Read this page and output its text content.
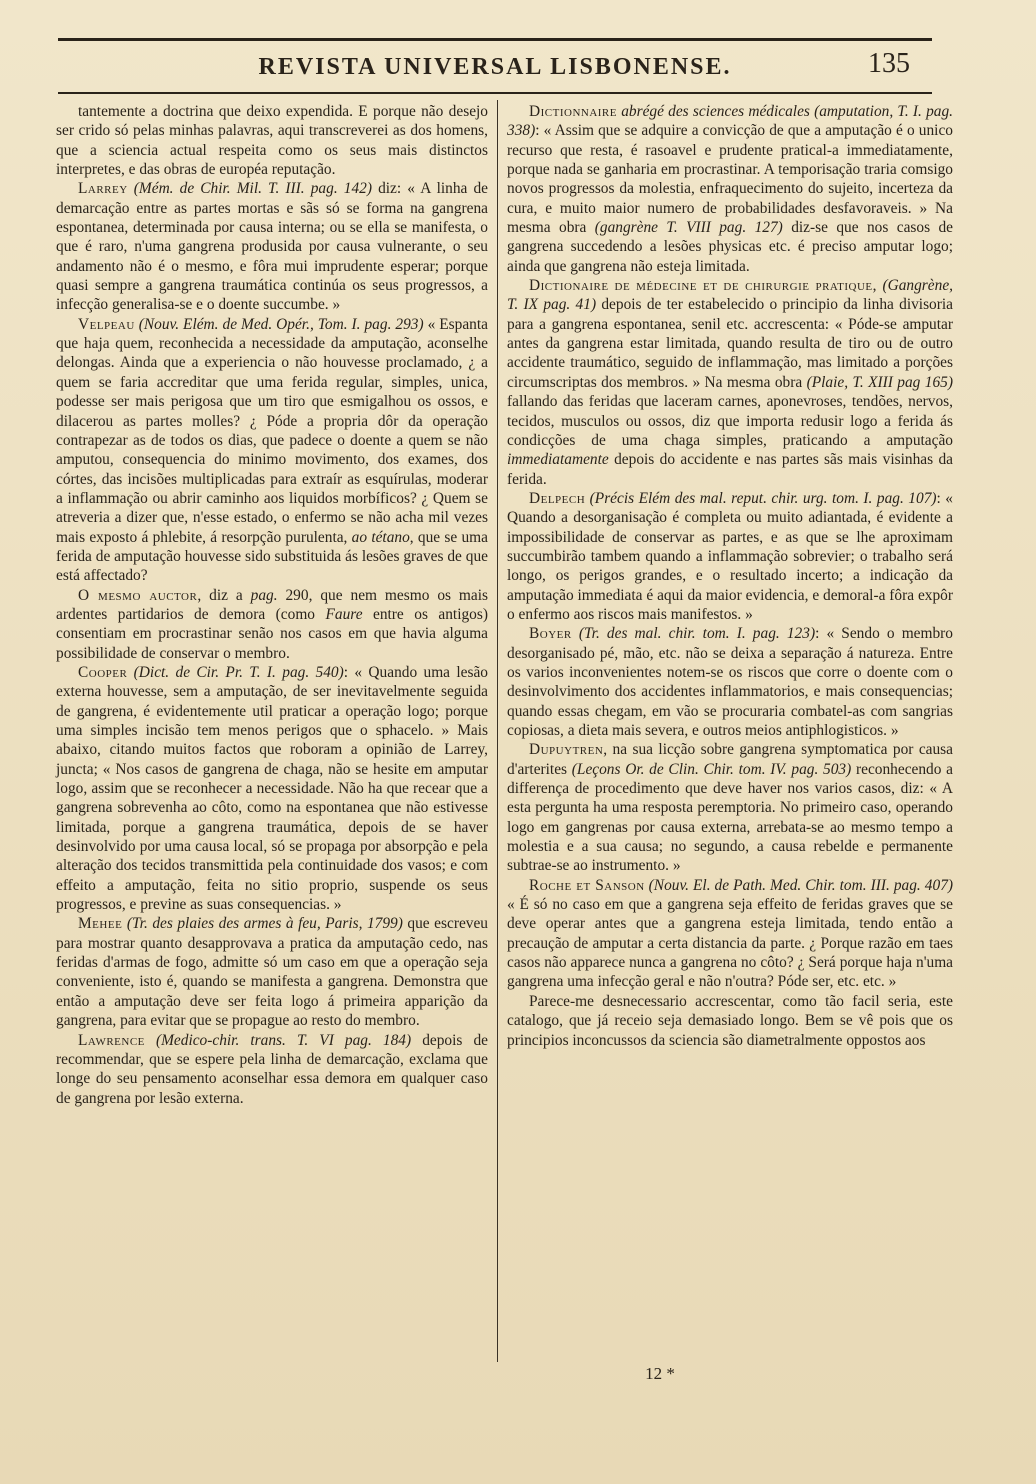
REVISTA UNIVERSAL LISBONENSE.	135

tantemente a doctrina que deixo expendida. E porque não desejo ser crido só pelas minhas palavras, aqui transcreverei as dos homens, que a sciencia actual respeita como os seus mais distinctos interpretes, e das obras de européa reputação.

Larrey (Mém. de Chir. Mil. T. III. pag. 142) diz: « A linha de demarcação entre as partes mortas e sãs só se forma na gangrena espontanea, determinada por causa interna; ou se ella se manifesta, o que é raro, n'uma gangrena produsida por causa vulnerante, o seu andamento não é o mesmo, e fôra mui imprudente esperar; porque quasi sempre a gangrena traumática continúa os seus progressos, a infecção generalisa-se e o doente succumbe. »

Velpeau (Nouv. Elém. de Med. Opér., Tom. I. pag. 293) « Espanta que haja quem, reconhecida a necessidade da amputação, aconselhe delongas. Ainda que a experiencia o não houvesse proclamado, ¿ a quem se faria accreditar que uma ferida regular, simples, unica, podesse ser mais perigosa que um tiro que esmigalhou os ossos, e dilacerou as partes molles? ¿ Póde a propria dôr da operação contrapezar as de todos os dias, que padece o doente a quem se não amputou, consequencia do minimo movimento, dos exames, dos córtes, das incisões multiplicadas para extraír as esquírulas, moderar a inflammação ou abrir caminho aos liquidos morbíficos? ¿ Quem se atreveria a dizer que, n'esse estado, o enfermo se não acha mil vezes mais exposto á phlebite, á resorpção purulenta, ao tétano, que se uma ferida de amputação houvesse sido substituida ás lesões graves de que está affectado?

O mesmo auctor, diz a pag. 290, que nem mesmo os mais ardentes partidarios de demora (como Faure entre os antigos) consentiam em procrastinar senão nos casos em que havia alguma possibilidade de conservar o membro.

Cooper (Dict. de Cir. Pr. T. I. pag. 540): « Quando uma lesão externa houvesse, sem a amputação, de ser inevitavelmente seguida de gangrena, é evidentemente util praticar a operação logo; porque uma simples incisão tem menos perigos que o sphacelo. » Mais abaixo, citando muitos factos que roboram a opinião de Larrey, juncta; « Nos casos de gangrena de chaga, não se hesite em amputar logo, assim que se reconhecer a necessidade. Não ha que recear que a gangrena sobrevenha ao côto, como na espontanea que não estivesse limitada, porque a gangrena traumática, depois de se haver desinvolvido por uma causa local, só se propaga por absorpção e pela alteração dos tecidos transmittida pela continuidade dos vasos; e com effeito a amputação, feita no sitio proprio, suspende os seus progressos, e previne as suas consequencias. »

Mehee (Tr. des plaies des armes à feu, Paris, 1799) que escreveu para mostrar quanto desapprovava a pratica da amputação cedo, nas feridas d'armas de fogo, admitte só um caso em que a operação seja conveniente, isto é, quando se manifesta a gangrena. Demonstra que então a amputação deve ser feita logo á primeira apparição da gangrena, para evitar que se propague ao resto do membro.

Lawrence (Medico-chir. trans. T. VI pag. 184) depois de recommendar, que se espere pela linha de demarcação, exclama que longe do seu pensamento aconselhar essa demora em qualquer caso de gangrena por lesão externa.

Dictionnaire abrégé des sciences médicales (amputation, T. I. pag. 338): « Assim que se adquire a convicção de que a amputação é o unico recurso que resta, é rasoavel e prudente pratical-a immediatamente, porque nada se ganharia em procrastinar. A temporisação traria comsigo novos progressos da molestia, enfraquecimento do sujeito, incerteza da cura, e muito maior numero de probabilidades desfavoraveis. » Na mesma obra (gangrène T. VIII pag. 127) diz-se que nos casos de gangrena succedendo a lesões physicas etc. é preciso amputar logo; ainda que gangrena não esteja limitada.

Dictionaire de médecine et de chirurgie pratique, (Gangrène, T. IX pag. 41) depois de ter estabelecido o principio da linha divisoria para a gangrena espontanea, senil etc. accrescenta: « Póde-se amputar antes da gangrena estar limitada, quando resulta de tiro ou de outro accidente traumático, seguido de inflammação, mas limitado a porções circumscriptas dos membros. » Na mesma obra (Plaie, T. XIII pag 165) fallando das feridas que laceram carnes, aponevroses, tendões, nervos, tecidos, musculos ou ossos, diz que importa redusir logo a ferida ás condicções de uma chaga simples, praticando a amputação immediatamente depois do accidente e nas partes sãs mais visinhas da ferida.

Delpech (Précis Elém des mal. reput. chir. urg. tom. I. pag. 107): « Quando a desorganisação é completa ou muito adiantada, é evidente a impossibilidade de conservar as partes, e as que se lhe aproximam succumbirão tambem quando a inflammação sobrevier; o trabalho será longo, os perigos grandes, e o resultado incerto; a indicação da amputação immediata é aqui da maior evidencia, e demoral-a fôra expôr o enfermo aos riscos mais manifestos. »

Boyer (Tr. des mal. chir. tom. I. pag. 123): « Sendo o membro desorganisado pé, mão, etc. não se deixa a separação á natureza. Entre os varios inconvenientes notem-se os riscos que corre o doente com o desinvolvimento dos accidentes inflammatorios, e mais consequencias; quando essas chegam, em vão se procuraria combatel-as com sangrias copiosas, a dieta mais severa, e outros meios antiphlogisticos. »

Dupuytren, na sua licção sobre gangrena symptomatica por causa d'arterites (Leçons Or. de Clin. Chir. tom. IV. pag. 503) reconhecendo a differença de procedimento que deve haver nos varios casos, diz: « A esta pergunta ha uma resposta peremptoria. No primeiro caso, operando logo em gangrenas por causa externa, arrebata-se ao mesmo tempo a molestia e a sua causa; no segundo, a causa rebelde e permanente subtrae-se ao instrumento. »

Roche et Sanson (Nouv. El. de Path. Med. Chir. tom. III. pag. 407) « É só no caso em que a gangrena seja effeito de feridas graves que se deve operar antes que a gangrena esteja limitada, tendo então a precaução de amputar a certa distancia da parte. ¿ Porque razão em taes casos não apparece nunca a gangrena no côto? ¿ Será porque haja n'uma gangrena uma infecção geral e não n'outra? Póde ser, etc. etc. »

Parece-me desnecessario accrescentar, como tão facil seria, este catalogo, que já receio seja demasiado longo. Bem se vê pois que os principios inconcussos da sciencia são diametralmente oppostos aos

12 *
